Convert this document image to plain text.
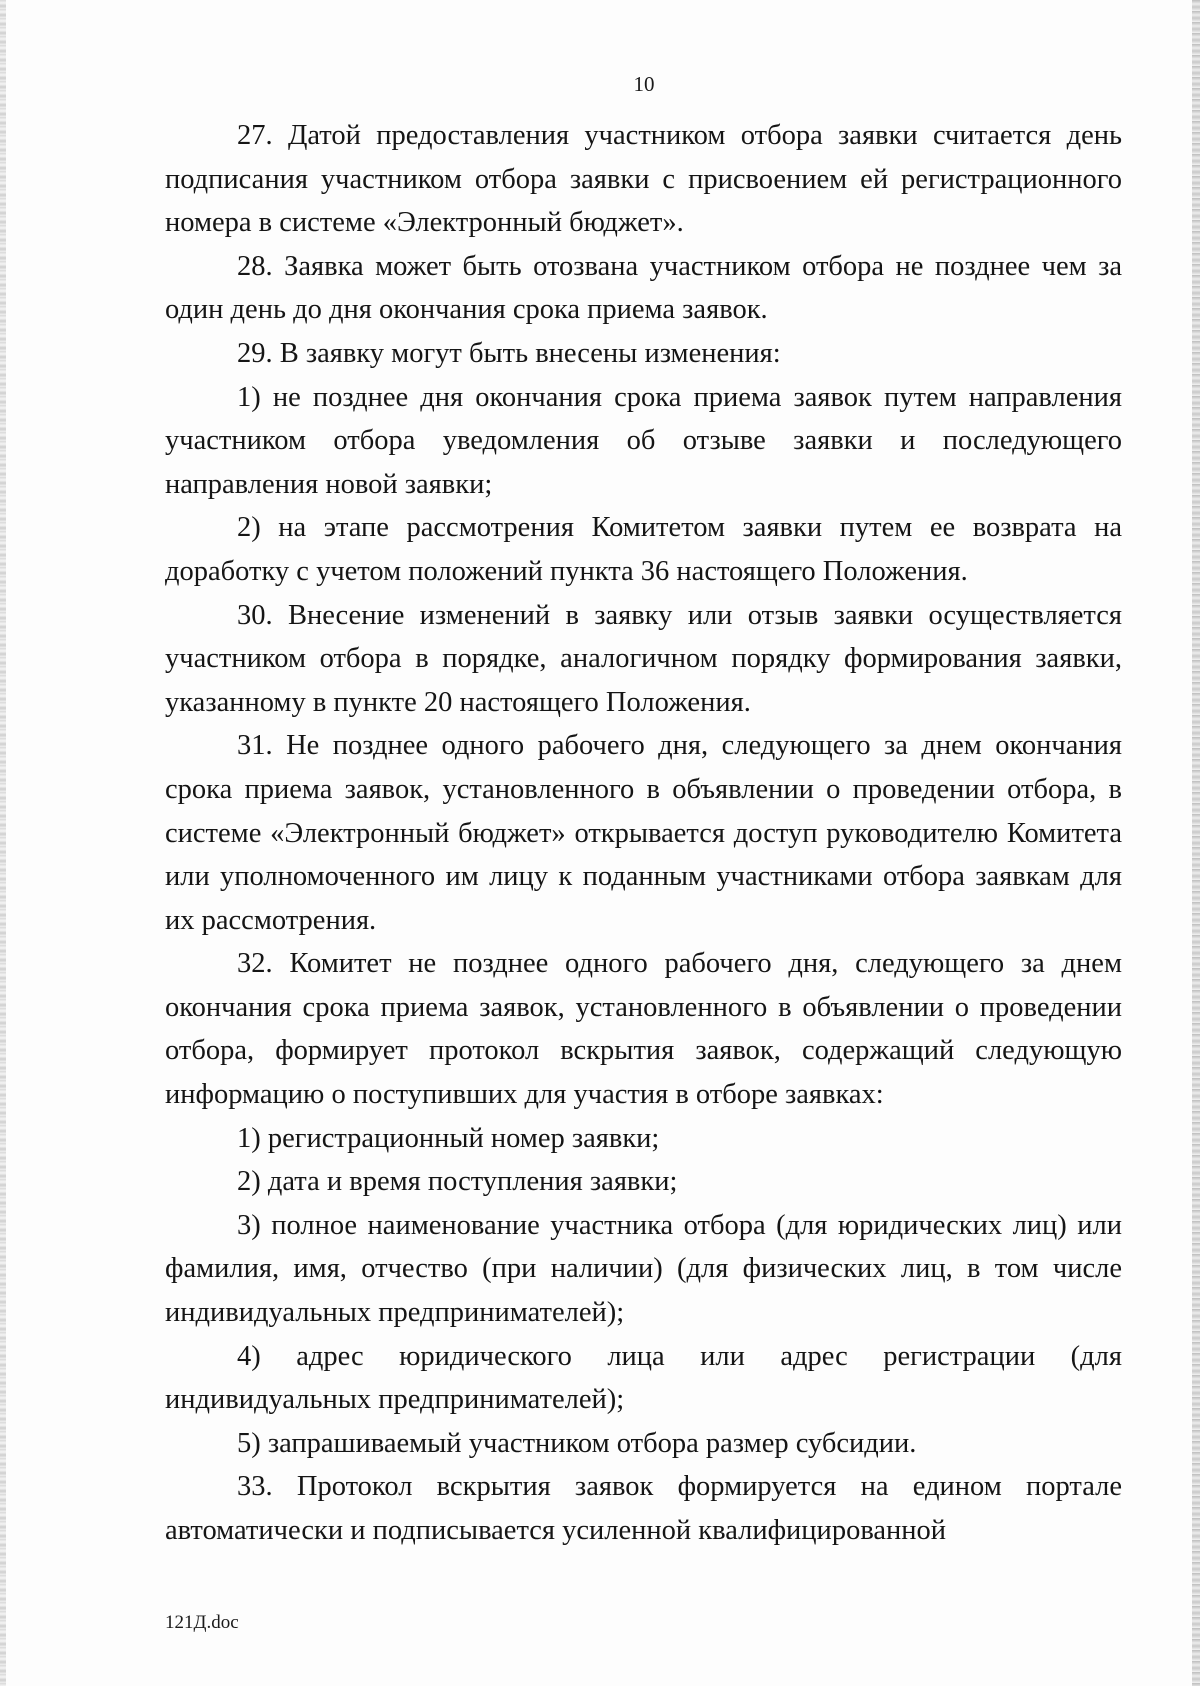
10

27. Датой предоставления участником отбора заявки считается день подписания участником отбора заявки с присвоением ей регистрационного номера в системе «Электронный бюджет».

28. Заявка может быть отозвана участником отбора не позднее чем за один день до дня окончания срока приема заявок.

29. В заявку могут быть внесены изменения:

1) не позднее дня окончания срока приема заявок путем направления участником отбора уведомления об отзыве заявки и последующего направления новой заявки;

2) на этапе рассмотрения Комитетом заявки путем ее возврата на доработку с учетом положений пункта 36 настоящего Положения.

30. Внесение изменений в заявку или отзыв заявки осуществляется участником отбора в порядке, аналогичном порядку формирования заявки, указанному в пункте 20 настоящего Положения.

31. Не позднее одного рабочего дня, следующего за днем окончания срока приема заявок, установленного в объявлении о проведении отбора, в системе «Электронный бюджет» открывается доступ руководителю Комитета или уполномоченного им лицу к поданным участниками отбора заявкам для их рассмотрения.

32. Комитет не позднее одного рабочего дня, следующего за днем окончания срока приема заявок, установленного в объявлении о проведении отбора, формирует протокол вскрытия заявок, содержащий следующую информацию о поступивших для участия в отборе заявках:

1) регистрационный номер заявки;

2) дата и время поступления заявки;

3) полное наименование участника отбора (для юридических лиц) или фамилия, имя, отчество (при наличии) (для физических лиц, в том числе индивидуальных предпринимателей);

4) адрес юридического лица или адрес регистрации (для индивидуальных предпринимателей);

5) запрашиваемый участником отбора размер субсидии.

33. Протокол вскрытия заявок формируется на едином портале автоматически и подписывается усиленной квалифицированной

121Д.doc
